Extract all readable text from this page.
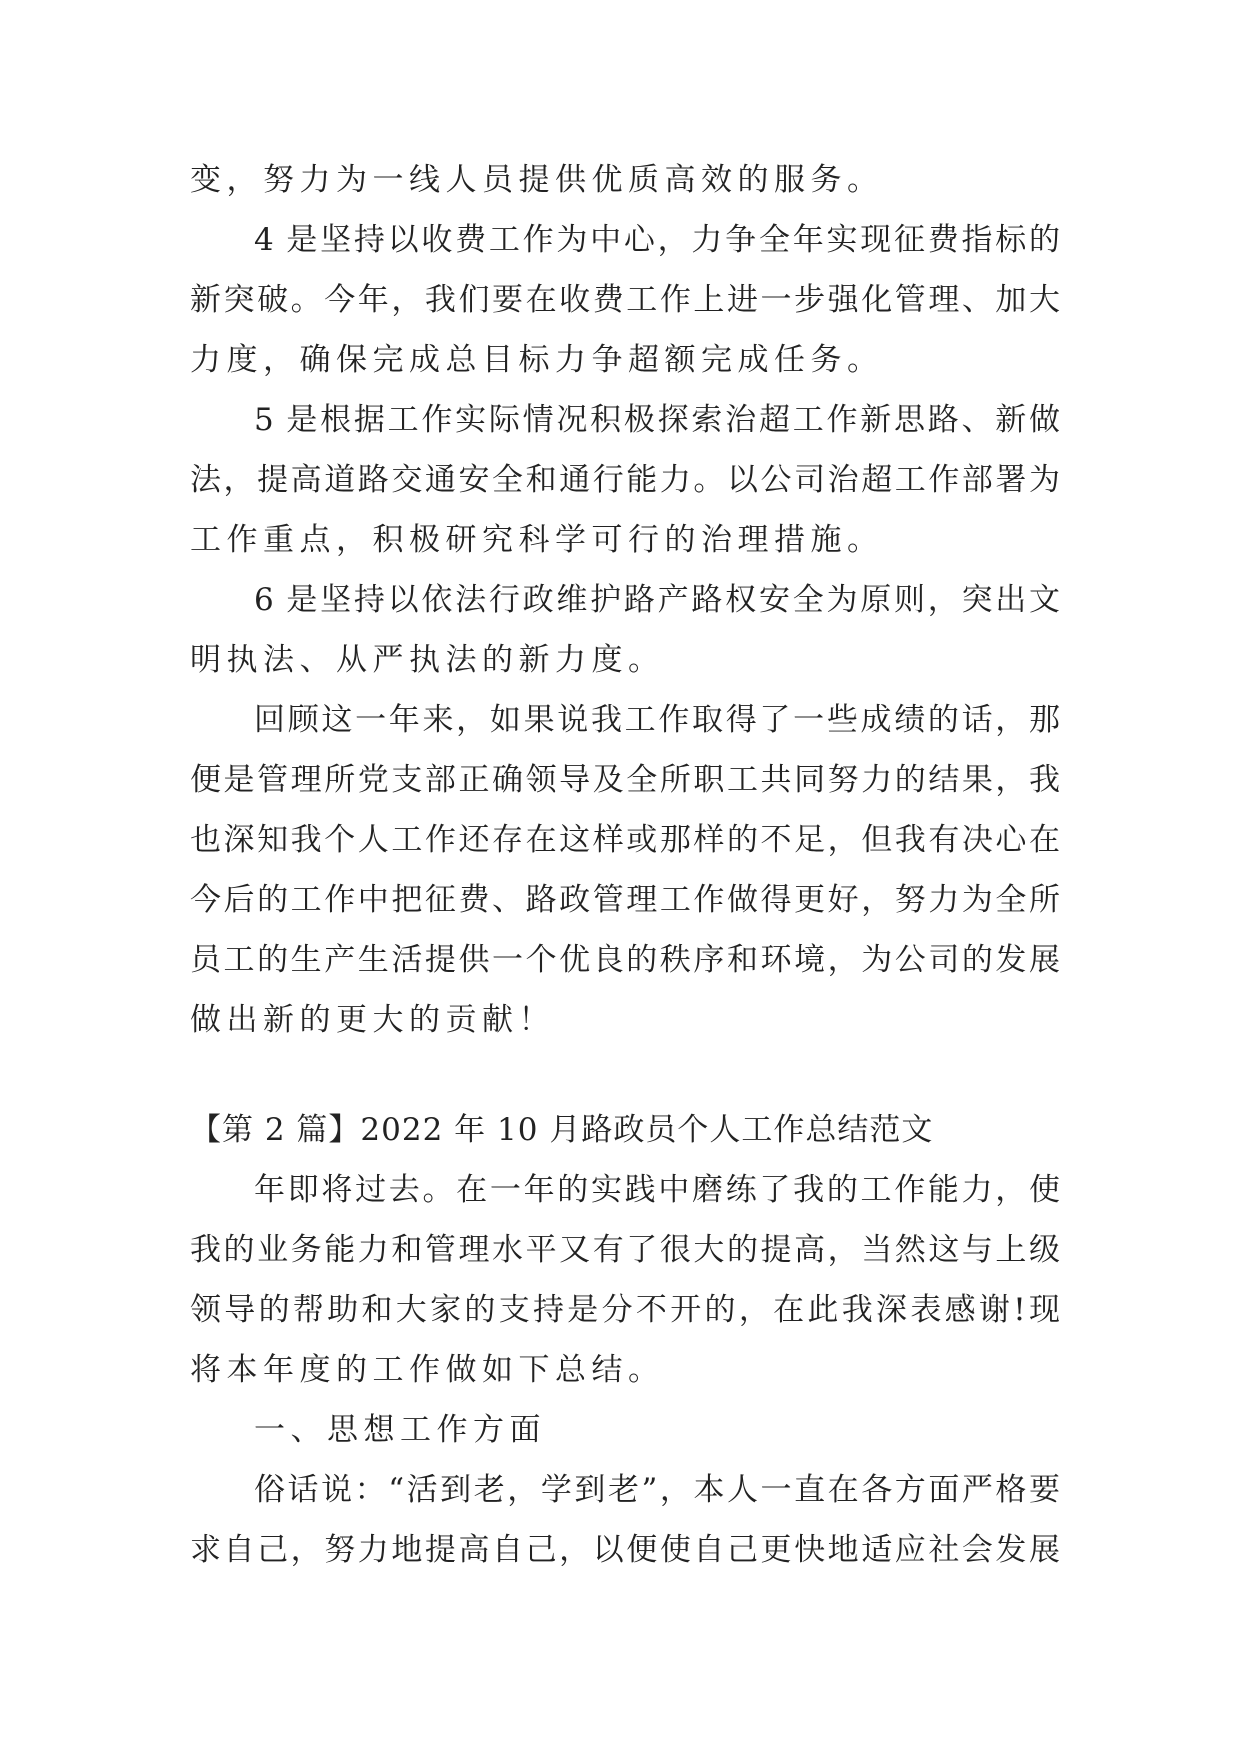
变，努力为一线人员提供优质高效的服务。
4 是坚持以收费工作为中心，力争全年实现征费指标的
新突破。今年，我们要在收费工作上进一步强化管理、加大
力度，确保完成总目标力争超额完成任务。
5 是根据工作实际情况积极探索治超工作新思路、新做
法，提高道路交通安全和通行能力。以公司治超工作部署为
工作重点，积极研究科学可行的治理措施。
6 是坚持以依法行政维护路产路权安全为原则，突出文
明执法、从严执法的新力度。
回顾这一年来，如果说我工作取得了一些成绩的话，那
便是管理所党支部正确领导及全所职工共同努力的结果，我
也深知我个人工作还存在这样或那样的不足，但我有决心在
今后的工作中把征费、路政管理工作做得更好，努力为全所
员工的生产生活提供一个优良的秩序和环境，为公司的发展
做出新的更大的贡献！
【第 2 篇】2022 年 10 月路政员个人工作总结范文
年即将过去。在一年的实践中磨练了我的工作能力，使
我的业务能力和管理水平又有了很大的提高，当然这与上级
领导的帮助和大家的支持是分不开的，在此我深表感谢!现
将本年度的工作做如下总结。
一、思想工作方面
俗话说：“活到老，学到老”，本人一直在各方面严格要
求自己，努力地提高自己，以便使自己更快地适应社会发展
